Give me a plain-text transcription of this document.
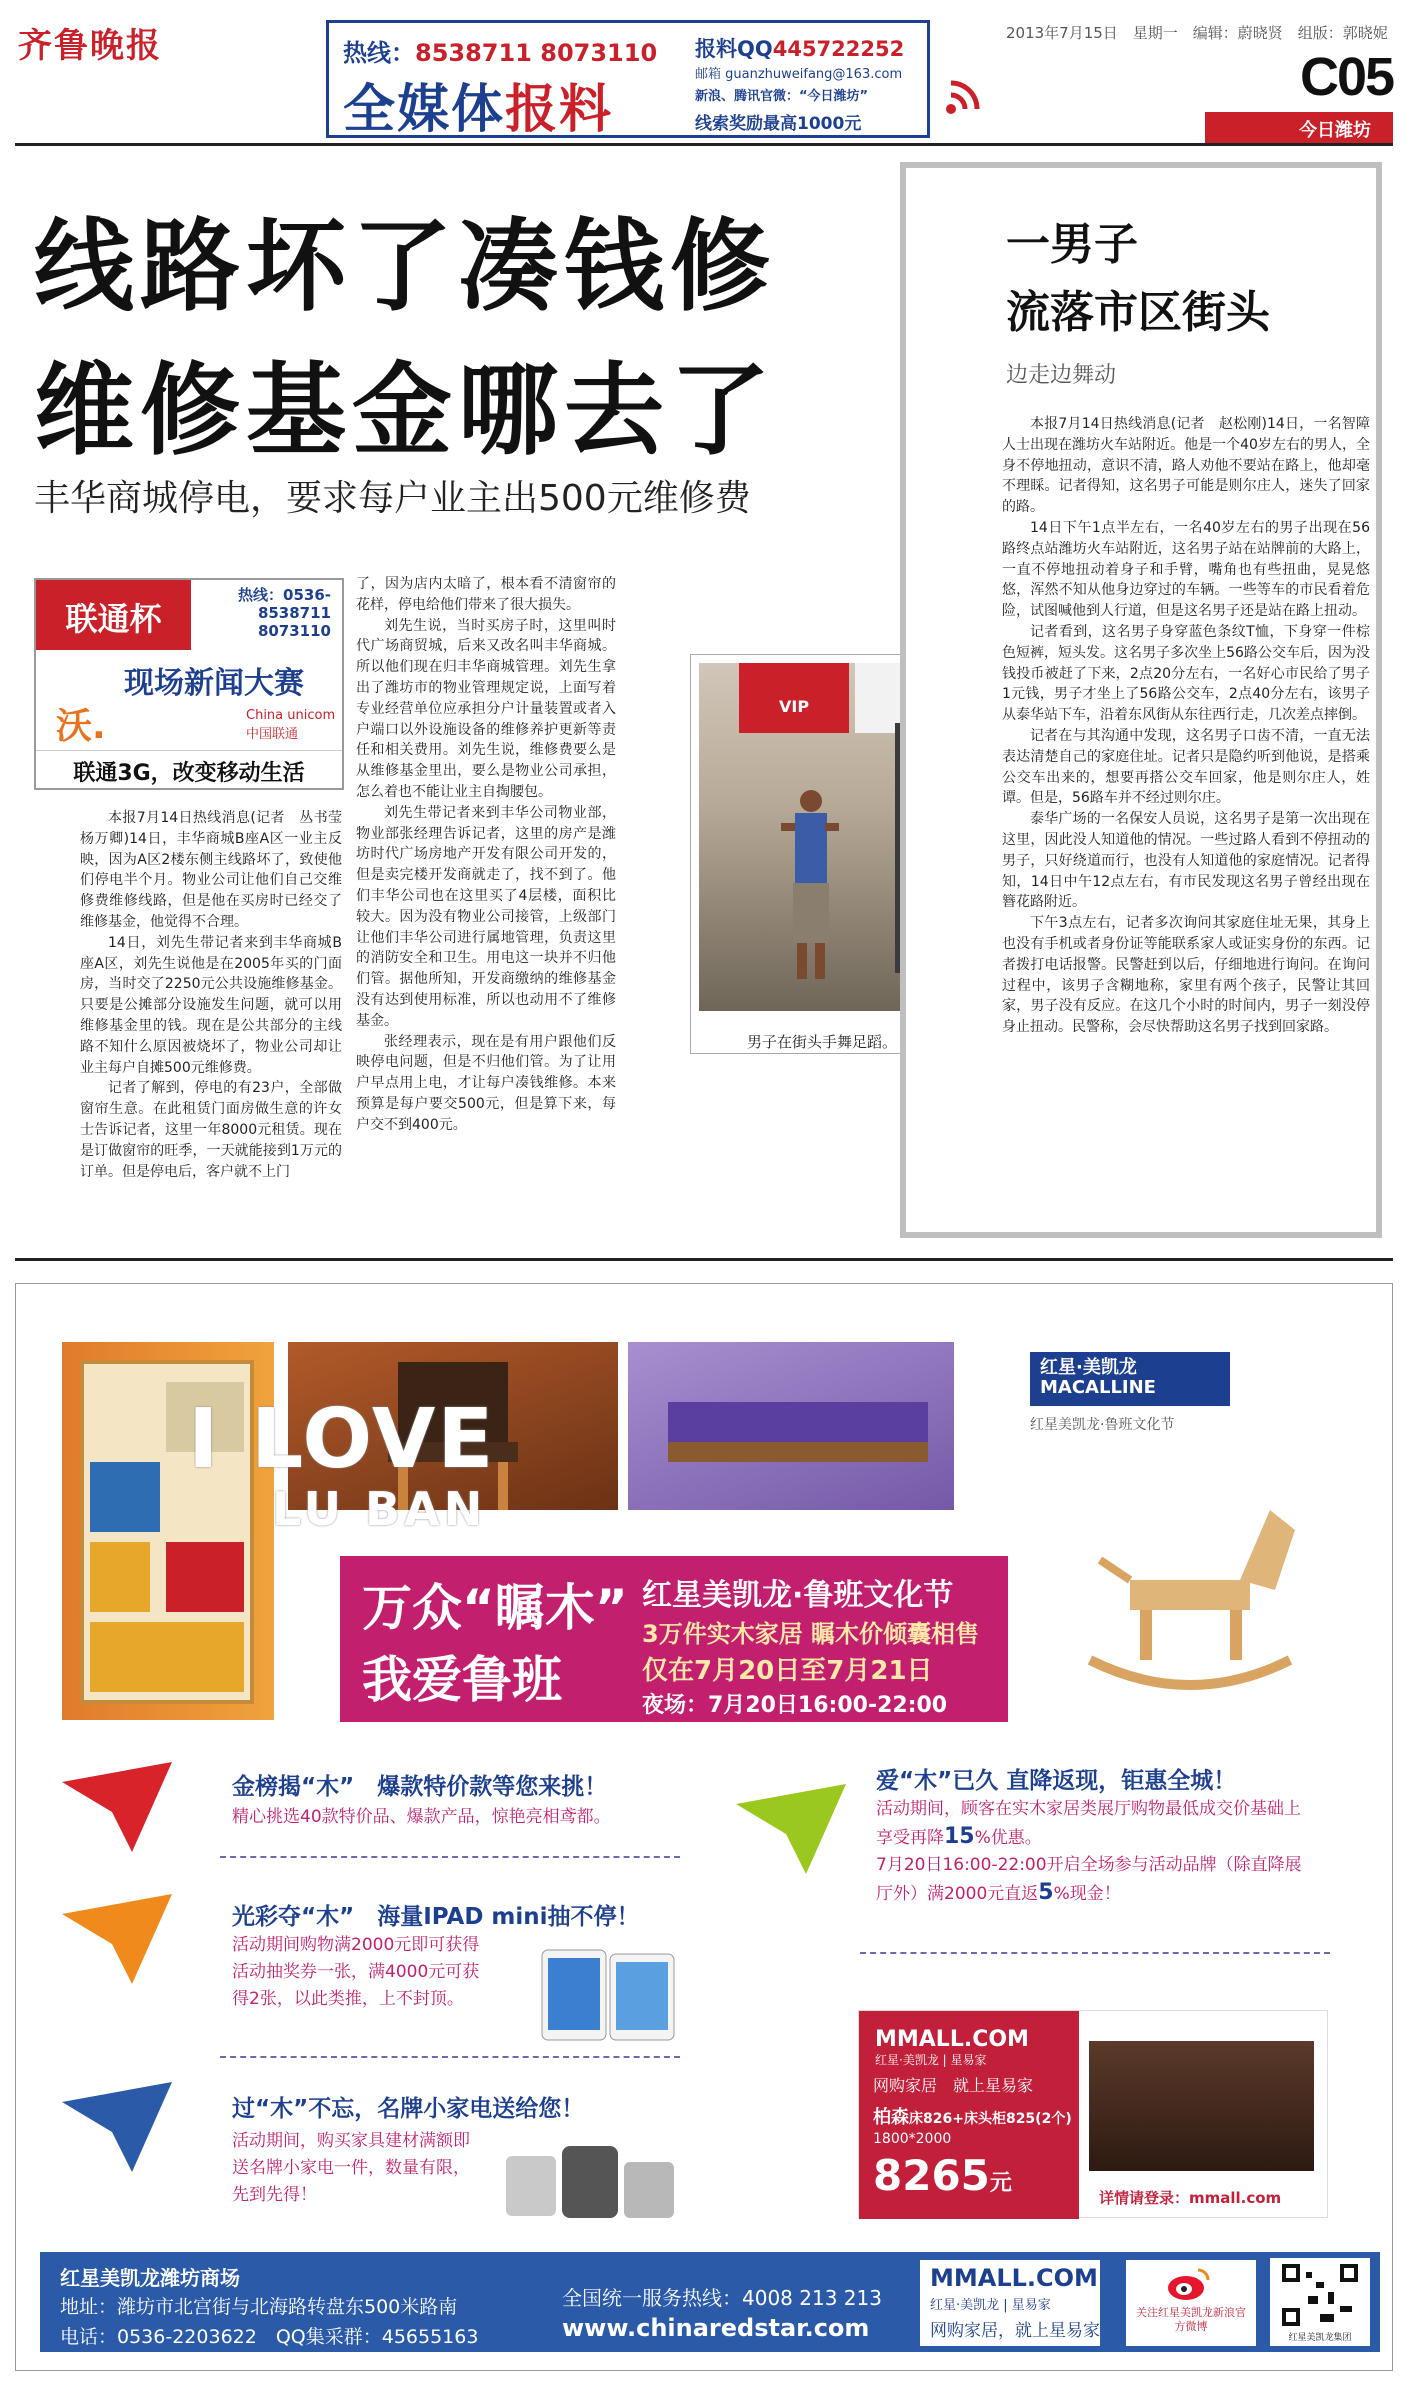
齐鲁晚报	热线：8538711 8073110
全媒体报料
报料QQ445722252
邮箱 guanzhuweifang@163.com
新浪、腾讯官微：“今日潍坊”
线索奖励最高1000元
2013年7月15日　星期一　编辑：蔚晓贤　组版：郭晓妮
C05
今日潍坊
线路坏了凑钱修
维修基金哪去了
丰华商城停电，要求每户业主出500元维修费
联通杯
热线：0536-
8538711
8073110
现场新闻大赛
沃.	China unicom中国联通
联通3G，改变移动生活

本报7月14日热线消息(记者　丛书莹　杨万卿)14日，丰华商城B座A区一业主反映，因为A区2楼东侧主线路坏了，致使他们停电半个月。物业公司让他们自己交维修费维修线路，但是他在买房时已经交了维修基金，他觉得不合理。

14日，刘先生带记者来到丰华商城B座A区，刘先生说他是在2005年买的门面房，当时交了2250元公共设施维修基金。只要是公摊部分设施发生问题，就可以用维修基金里的钱。现在是公共部分的主线路不知什么原因被烧坏了，物业公司却让业主每户自摊500元维修费。

记者了解到，停电的有23户，全部做窗帘生意。在此租赁门面房做生意的许女士告诉记者，这里一年8000元租赁。现在是订做窗帘的旺季，一天就能接到1万元的订单。但是停电后，客户就不上门

了，因为店内太暗了，根本看不清窗帘的花样，停电给他们带来了很大损失。

刘先生说，当时买房子时，这里叫时代广场商贸城，后来又改名叫丰华商城。所以他们现在归丰华商城管理。刘先生拿出了潍坊市的物业管理规定说，上面写着专业经营单位应承担分户计量装置或者入户端口以外设施设备的维修养护更新等责任和相关费用。刘先生说，维修费要么是从维修基金里出，要么是物业公司承担，怎么着也不能让业主自掏腰包。

刘先生带记者来到丰华公司物业部，物业部张经理告诉记者，这里的房产是潍坊时代广场房地产开发有限公司开发的，但是卖完楼开发商就走了，找不到了。他们丰华公司也在这里买了4层楼，面积比较大。因为没有物业公司接管，上级部门让他们丰华公司进行属地管理，负责这里的消防安全和卫生。用电这一块并不归他们管。据他所知，开发商缴纳的维修基金没有达到使用标准，所以也动用不了维修基金。

张经理表示，现在是有用户跟他们反映停电问题，但是不归他们管。为了让用户早点用上电，才让每户凑钱维修。本来预算是每户要交500元，但是算下来，每户交不到400元。

VIP
男子在街头手舞足蹈。
一男子
流落市区街头
边走边舞动

本报7月14日热线消息(记者　赵松刚)14日，一名智障人士出现在潍坊火车站附近。他是一个40岁左右的男人，全身不停地扭动，意识不清，路人劝他不要站在路上，他却毫不理睬。记者得知，这名男子可能是则尔庄人，迷失了回家的路。

14日下午1点半左右，一名40岁左右的男子出现在56路终点站潍坊火车站附近，这名男子站在站牌前的大路上，一直不停地扭动着身子和手臂，嘴角也有些扭曲，晃晃悠悠，浑然不知从他身边穿过的车辆。一些等车的市民看着危险，试图喊他到人行道，但是这名男子还是站在路上扭动。

记者看到，这名男子身穿蓝色条纹T恤，下身穿一件棕色短裤，短头发。这名男子多次坐上56路公交车后，因为没钱投币被赶了下来，2点20分左右，一名好心市民给了男子1元钱，男子才坐上了56路公交车，2点40分左右，该男子从泰华站下车，沿着东风街从东往西行走，几次差点摔倒。

记者在与其沟通中发现，这名男子口齿不清，一直无法表达清楚自己的家庭住址。记者只是隐约听到他说，是搭乘公交车出来的，想要再搭公交车回家，他是则尔庄人，姓谭。但是，56路车并不经过则尔庄。

泰华广场的一名保安人员说，这名男子是第一次出现在这里，因此没人知道他的情况。一些过路人看到不停扭动的男子，只好绕道而行，也没有人知道他的家庭情况。记者得知，14日中午12点左右，有市民发现这名男子曾经出现在簪花路附近。

下午3点左右，记者多次询问其家庭住址无果，其身上也没有手机或者身份证等能联系家人或证实身份的东西。记者拨打电话报警。民警赶到以后，仔细地进行询问。在询问过程中，该男子含糊地称，家里有两个孩子，民警让其回家，男子没有反应。在这几个小时的时间内，男子一刻没停身止扭动。民警称，会尽快帮助这名男子找到回家路。

I LOVE
LU BAN
万众“瞩木”
我爱鲁班
红星美凯龙·鲁班文化节
3万件实木家居 瞩木价倾囊相售
仅在7月20日至7月21日
夜场：7月20日16:00-22:00
红星·美凯龙
MACALLINE
红星美凯龙·鲁班文化节
金榜揭“木”　爆款特价款等您来挑！
精心挑选40款特价品、爆款产品，惊艳亮相鸢都。
光彩夺“木”　海量IPAD mini抽不停！
活动期间购物满2000元即可获得活动抽奖券一张，满4000元可获得2张，以此类推，上不封顶。
过“木”不忘，名牌小家电送给您！
活动期间，购买家具建材满额即送名牌小家电一件，数量有限，先到先得！
爱“木”已久 直降返现，钜惠全城！
活动期间，顾客在实木家居类展厅购物最低成交价基础上享受再降15%优惠。
7月20日16:00-22:00开启全场参与活动品牌（除直降展厅外）满2000元直返5%现金！
MMALL.COM
红星·美凯龙 | 星易家
网购家居　就上星易家
柏森床826+床头柜825(2个)
1800*2000
8265元
详情请登录：mmall.com
红星美凯龙潍坊商场
地址：潍坊市北宫街与北海路转盘东500米路南
电话：0536-2203622　QQ集采群：45655163
全国统一服务热线：4008 213 213
www.chinaredstar.com
MMALL.COM
红星·美凯龙 | 星易家
网购家居，就上星易家
关注红星美凯龙新浪官方微博
红星美凯龙集团
